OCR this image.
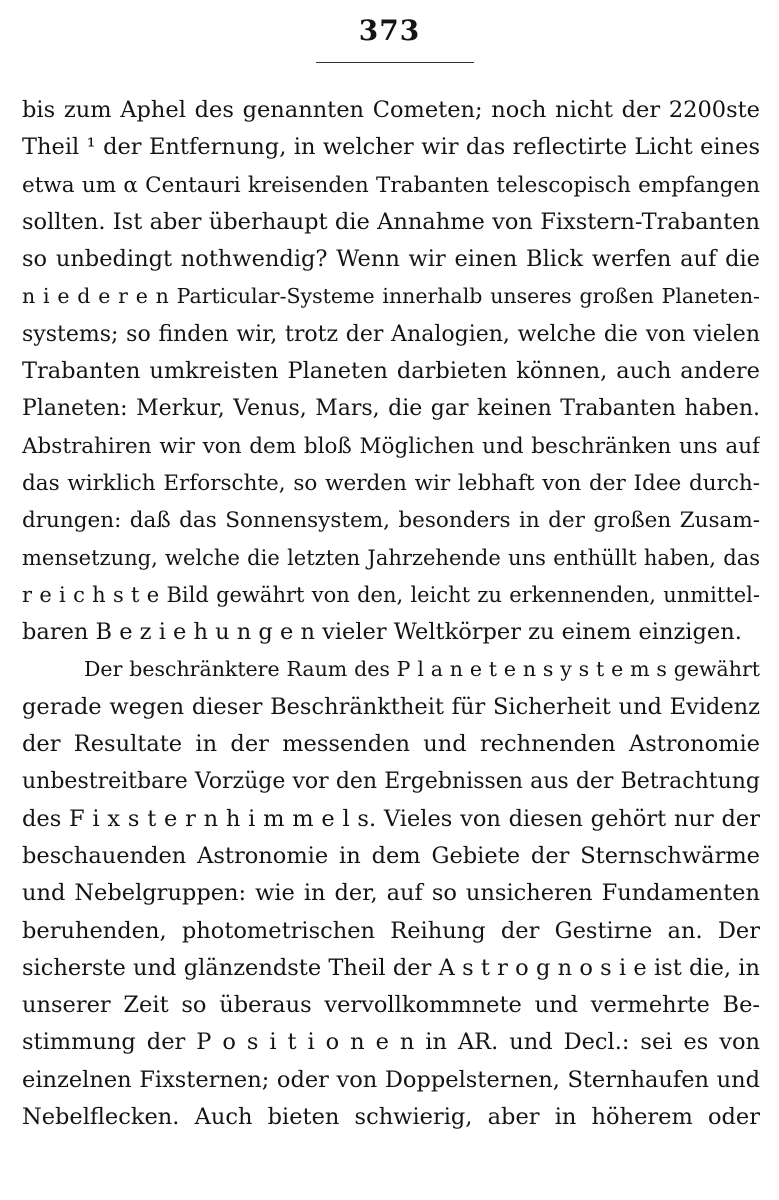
373
bis zum Aphel des genannten Cometen; noch nicht der 2200ste
Theil ¹ der Entfernung, in welcher wir das reflectirte Licht eines
etwa um α Centauri kreisenden Trabanten telescopisch empfangen
sollten. Ist aber überhaupt die Annahme von Fixstern-Trabanten
so unbedingt nothwendig? Wenn wir einen Blick werfen auf die
n i e d e r e n Particular-Systeme innerhalb unseres großen Planeten-
systems; so finden wir, trotz der Analogien, welche die von vielen
Trabanten umkreisten Planeten darbieten können, auch andere
Planeten: Merkur, Venus, Mars, die gar keinen Trabanten haben.
Abstrahiren wir von dem bloß Möglichen und beschränken uns auf
das wirklich Erforschte, so werden wir lebhaft von der Idee durch-
drungen: daß das Sonnensystem, besonders in der großen Zusam-
mensetzung, welche die letzten Jahrzehende uns enthüllt haben, das
r e i c h s t e Bild gewährt von den, leicht zu erkennenden, unmittel-
baren B e z i e h u n g e n vieler Weltkörper zu einem einzigen.
Der beschränktere Raum des P l a n e t e n s y s t e m s gewährt
gerade wegen dieser Beschränktheit für Sicherheit und Evidenz
der Resultate in der messenden und rechnenden Astronomie
unbestreitbare Vorzüge vor den Ergebnissen aus der Betrachtung
des F i x s t e r n h i m m e l s. Vieles von diesen gehört nur der
beschauenden Astronomie in dem Gebiete der Sternschwärme
und Nebelgruppen: wie in der, auf so unsicheren Fundamenten
beruhenden, photometrischen Reihung der Gestirne an. Der
sicherste und glänzendste Theil der A s t r o g n o s i e ist die, in
unserer Zeit so überaus vervollkommnete und vermehrte Be-
stimmung der P o s i t i o n e n in AR. und Decl.: sei es von
einzelnen Fixsternen; oder von Doppelsternen, Sternhaufen und
Nebelflecken. Auch bieten schwierig, aber in höherem oder
